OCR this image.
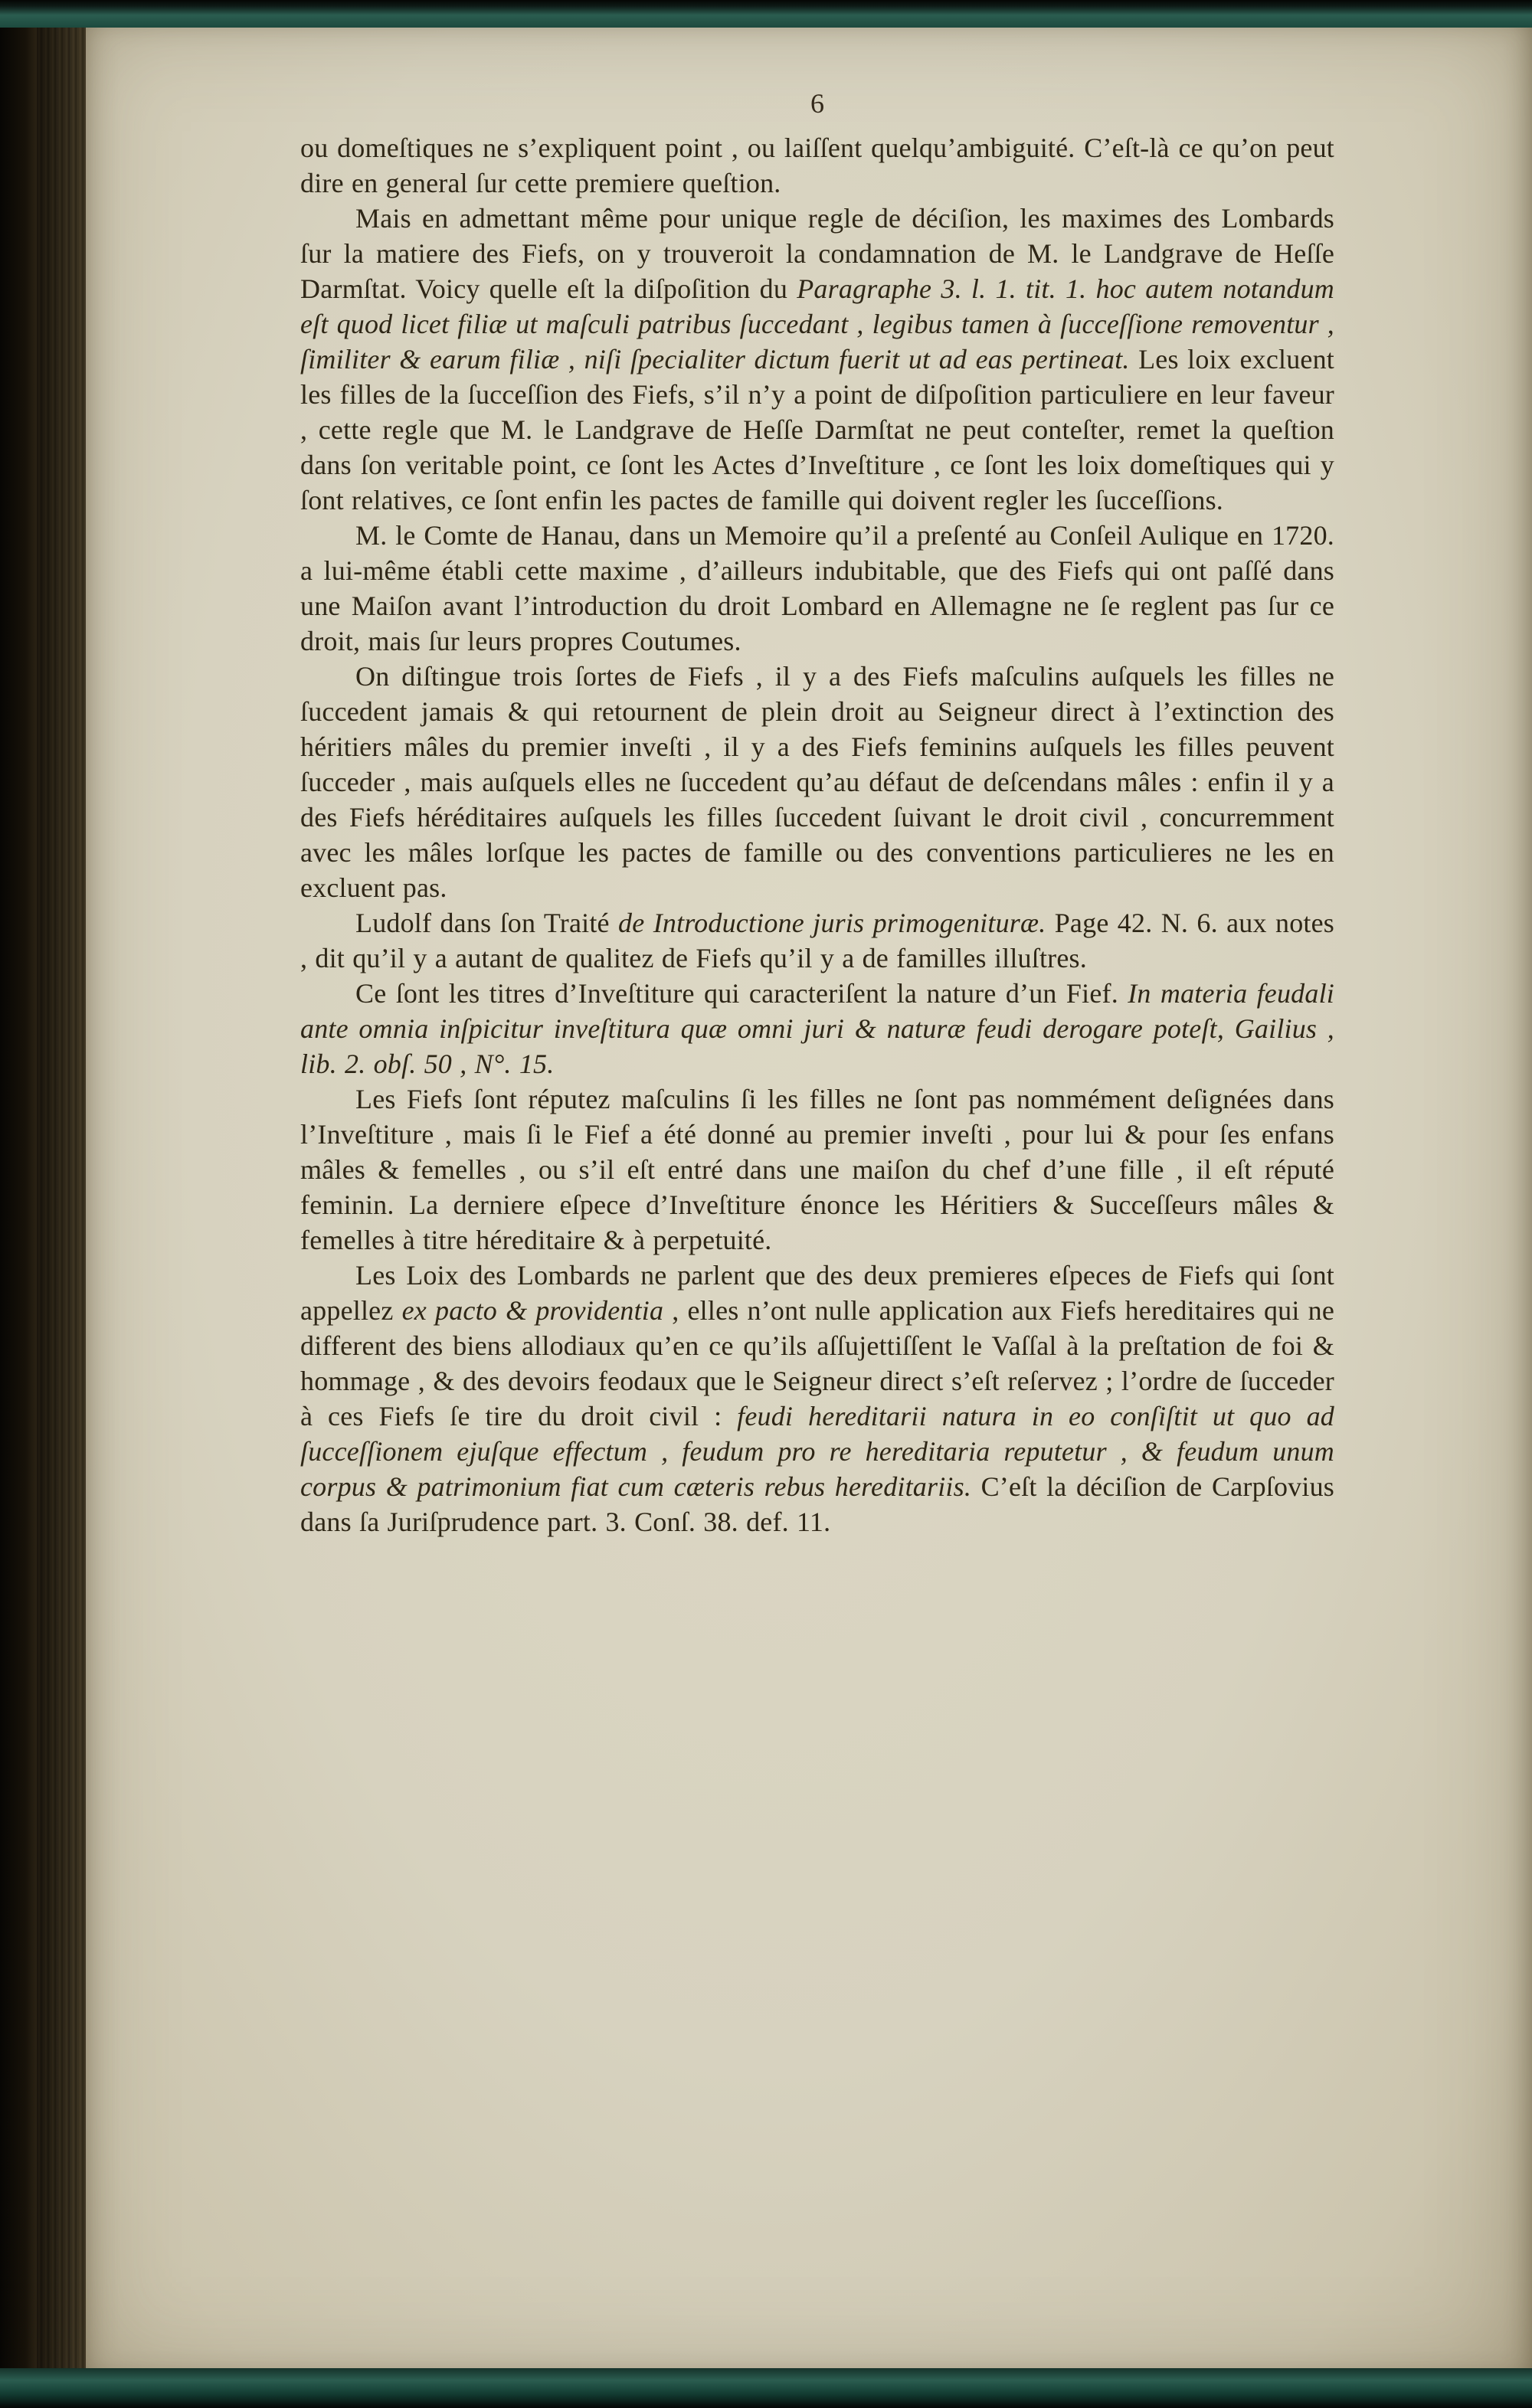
6

ou domeſtiques ne s’expliquent point , ou laiſſent quelqu’ambiguité. C’eſt-là ce qu’on peut dire en general ſur cette premiere queſtion.

Mais en admettant même pour unique regle de déciſion, les maximes des Lombards ſur la matiere des Fiefs, on y trouveroit la condamnation de M. le Landgrave de Heſſe Darmſtat. Voicy quelle eſt la diſpoſition du Paragraphe 3. l. 1. tit. 1. hoc autem notandum eſt quod licet filiæ ut maſculi patribus ſuccedant , legibus tamen à ſucceſſione removentur , ſimiliter & earum filiæ , niſi ſpecialiter dictum fuerit ut ad eas pertineat. Les loix excluent les filles de la ſucceſſion des Fiefs, s’il n’y a point de diſpoſition particuliere en leur faveur , cette regle que M. le Landgrave de Heſſe Darmſtat ne peut conteſter, remet la queſtion dans ſon veritable point, ce ſont les Actes d’Inveſtiture , ce ſont les loix domeſtiques qui y ſont relatives, ce ſont enfin les pactes de famille qui doivent regler les ſucceſſions.

M. le Comte de Hanau, dans un Memoire qu’il a preſenté au Conſeil Aulique en 1720. a lui-même établi cette maxime , d’ailleurs indubitable, que des Fiefs qui ont paſſé dans une Maiſon avant l’introduction du droit Lombard en Allemagne ne ſe reglent pas ſur ce droit, mais ſur leurs propres Coutumes.

On diſtingue trois ſortes de Fiefs , il y a des Fiefs maſculins auſquels les filles ne ſuccedent jamais & qui retournent de plein droit au Seigneur direct à l’extinction des héritiers mâles du premier inveſti , il y a des Fiefs feminins auſquels les filles peuvent ſucceder , mais auſquels elles ne ſuccedent qu’au défaut de deſcendans mâles : enfin il y a des Fiefs héréditaires auſquels les filles ſuccedent ſuivant le droit civil , concurremment avec les mâles lorſque les pactes de famille ou des conventions particulieres ne les en excluent pas.

Ludolf dans ſon Traité de Introductione juris primogenituræ. Page 42. N. 6. aux notes , dit qu’il y a autant de qualitez de Fiefs qu’il y a de familles illuſtres.

Ce ſont les titres d’Inveſtiture qui caracteriſent la nature d’un Fief. In materia feudali ante omnia inſpicitur inveſtitura quæ omni juri & naturæ feudi derogare poteſt, Gailius , lib. 2. obſ. 50 , N°. 15.

Les Fiefs ſont réputez maſculins ſi les filles ne ſont pas nommément deſignées dans l’Inveſtiture , mais ſi le Fief a été donné au premier inveſti , pour lui & pour ſes enfans mâles & femelles , ou s’il eſt entré dans une maiſon du chef d’une fille , il eſt réputé feminin. La derniere eſpece d’Inveſtiture énonce les Héritiers & Succeſſeurs mâles & femelles à titre héreditaire & à perpetuité.

Les Loix des Lombards ne parlent que des deux premieres eſpeces de Fiefs qui ſont appellez ex pacto & providentia , elles n’ont nulle application aux Fiefs hereditaires qui ne different des biens allodiaux qu’en ce qu’ils aſſujettiſſent le Vaſſal à la preſtation de foi & hommage , & des devoirs feodaux que le Seigneur direct s’eſt reſervez ; l’ordre de ſucceder à ces Fiefs ſe tire du droit civil : feudi hereditarii natura in eo conſiſtit ut quo ad ſucceſſionem ejuſque effectum , feudum pro re hereditaria reputetur , & feudum unum corpus & patrimonium fiat cum cæteris rebus hereditariis. C’eſt la déciſion de Carpſovius dans ſa Juriſprudence part. 3. Conſ. 38. def. 11.
